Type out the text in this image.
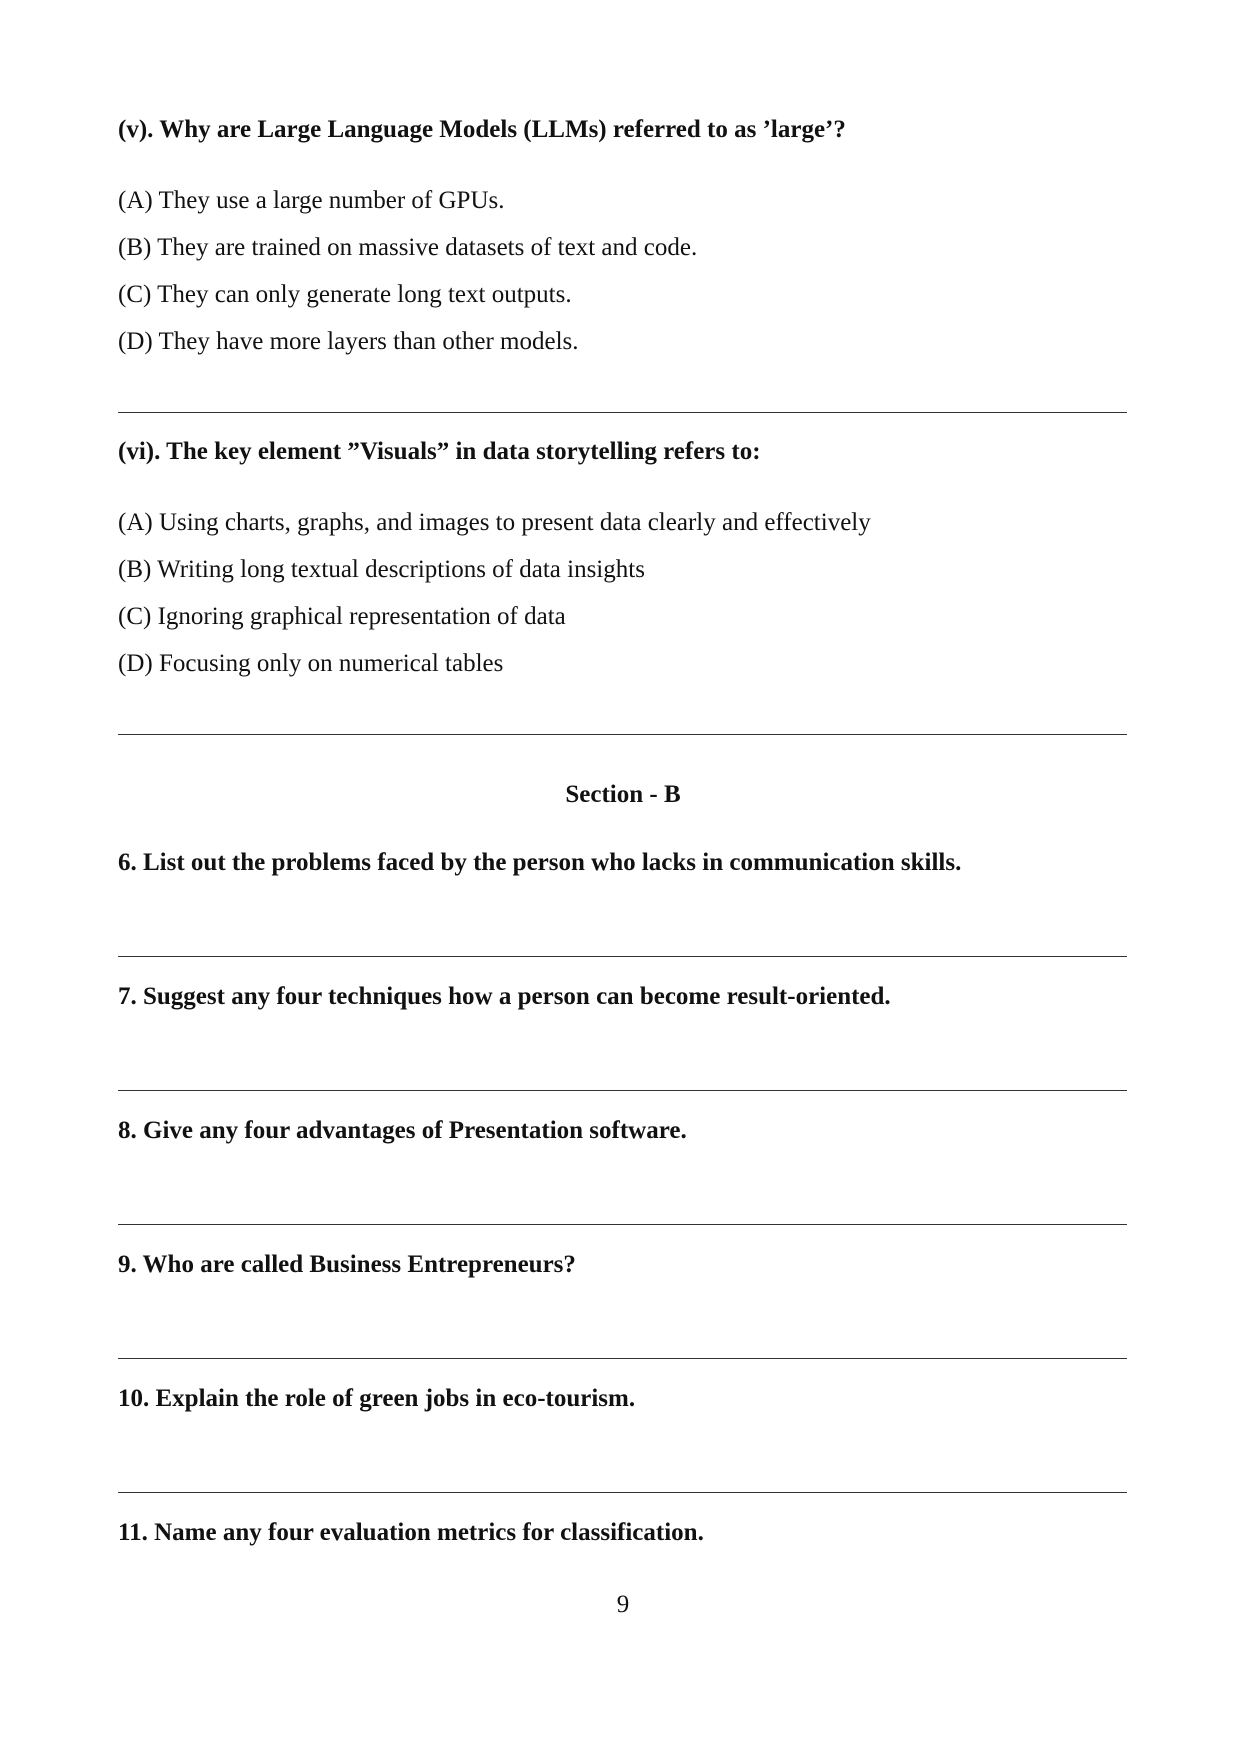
(v). Why are Large Language Models (LLMs) referred to as ’large’?
(A) They use a large number of GPUs.
(B) They are trained on massive datasets of text and code.
(C) They can only generate long text outputs.
(D) They have more layers than other models.
(vi). The key element ”Visuals” in data storytelling refers to:
(A) Using charts, graphs, and images to present data clearly and effectively
(B) Writing long textual descriptions of data insights
(C) Ignoring graphical representation of data
(D) Focusing only on numerical tables
Section - B
6. List out the problems faced by the person who lacks in communication skills.
7. Suggest any four techniques how a person can become result-oriented.
8. Give any four advantages of Presentation software.
9. Who are called Business Entrepreneurs?
10. Explain the role of green jobs in eco-tourism.
11. Name any four evaluation metrics for classification.
9
